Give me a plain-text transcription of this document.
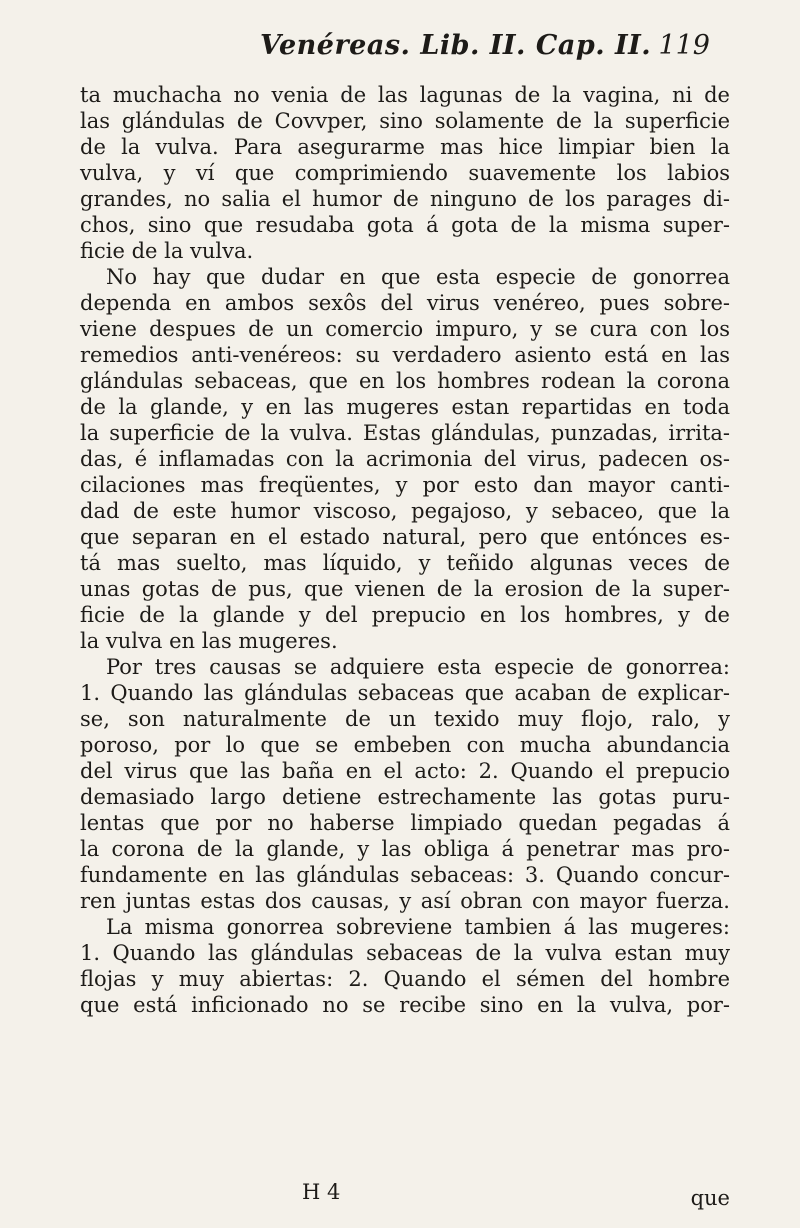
Venéreas. Lib. II. Cap. II. 119
ta muchacha no venia de las lagunas de la vagina, ni de
las glándulas de Covvper, sino solamente de la superficie
de la vulva. Para asegurarme mas hice limpiar bien la
vulva, y ví que comprimiendo suavemente los labios
grandes, no salia el humor de ninguno de los parages di-
chos, sino que resudaba gota á gota de la misma super-
ficie de la vulva.
No hay que dudar en que esta especie de gonorrea
dependa en ambos sexôs del virus venéreo, pues sobre-
viene despues de un comercio impuro, y se cura con los
remedios anti-venéreos: su verdadero asiento está en las
glándulas sebaceas, que en los hombres rodean la corona
de la glande, y en las mugeres estan repartidas en toda
la superficie de la vulva. Estas glándulas, punzadas, irrita-
das, é inflamadas con la acrimonia del virus, padecen os-
cilaciones mas freqüentes, y por esto dan mayor canti-
dad de este humor viscoso, pegajoso, y sebaceo, que la
que separan en el estado natural, pero que entónces es-
tá mas suelto, mas líquido, y teñido algunas veces de
unas gotas de pus, que vienen de la erosion de la super-
ficie de la glande y del prepucio en los hombres, y de
la vulva en las mugeres.
Por tres causas se adquiere esta especie de gonorrea:
1. Quando las glándulas sebaceas que acaban de explicar-
se, son naturalmente de un texido muy flojo, ralo, y
poroso, por lo que se embeben con mucha abundancia
del virus que las baña en el acto: 2. Quando el prepucio
demasiado largo detiene estrechamente las gotas puru-
lentas que por no haberse limpiado quedan pegadas á
la corona de la glande, y las obliga á penetrar mas pro-
fundamente en las glándulas sebaceas: 3. Quando concur-
ren juntas estas dos causas, y así obran con mayor fuerza.
La misma gonorrea sobreviene tambien á las mugeres:
1. Quando las glándulas sebaceas de la vulva estan muy
flojas y muy abiertas: 2. Quando el sémen del hombre
que está inficionado no se recibe sino en la vulva, por-
H 4	que
